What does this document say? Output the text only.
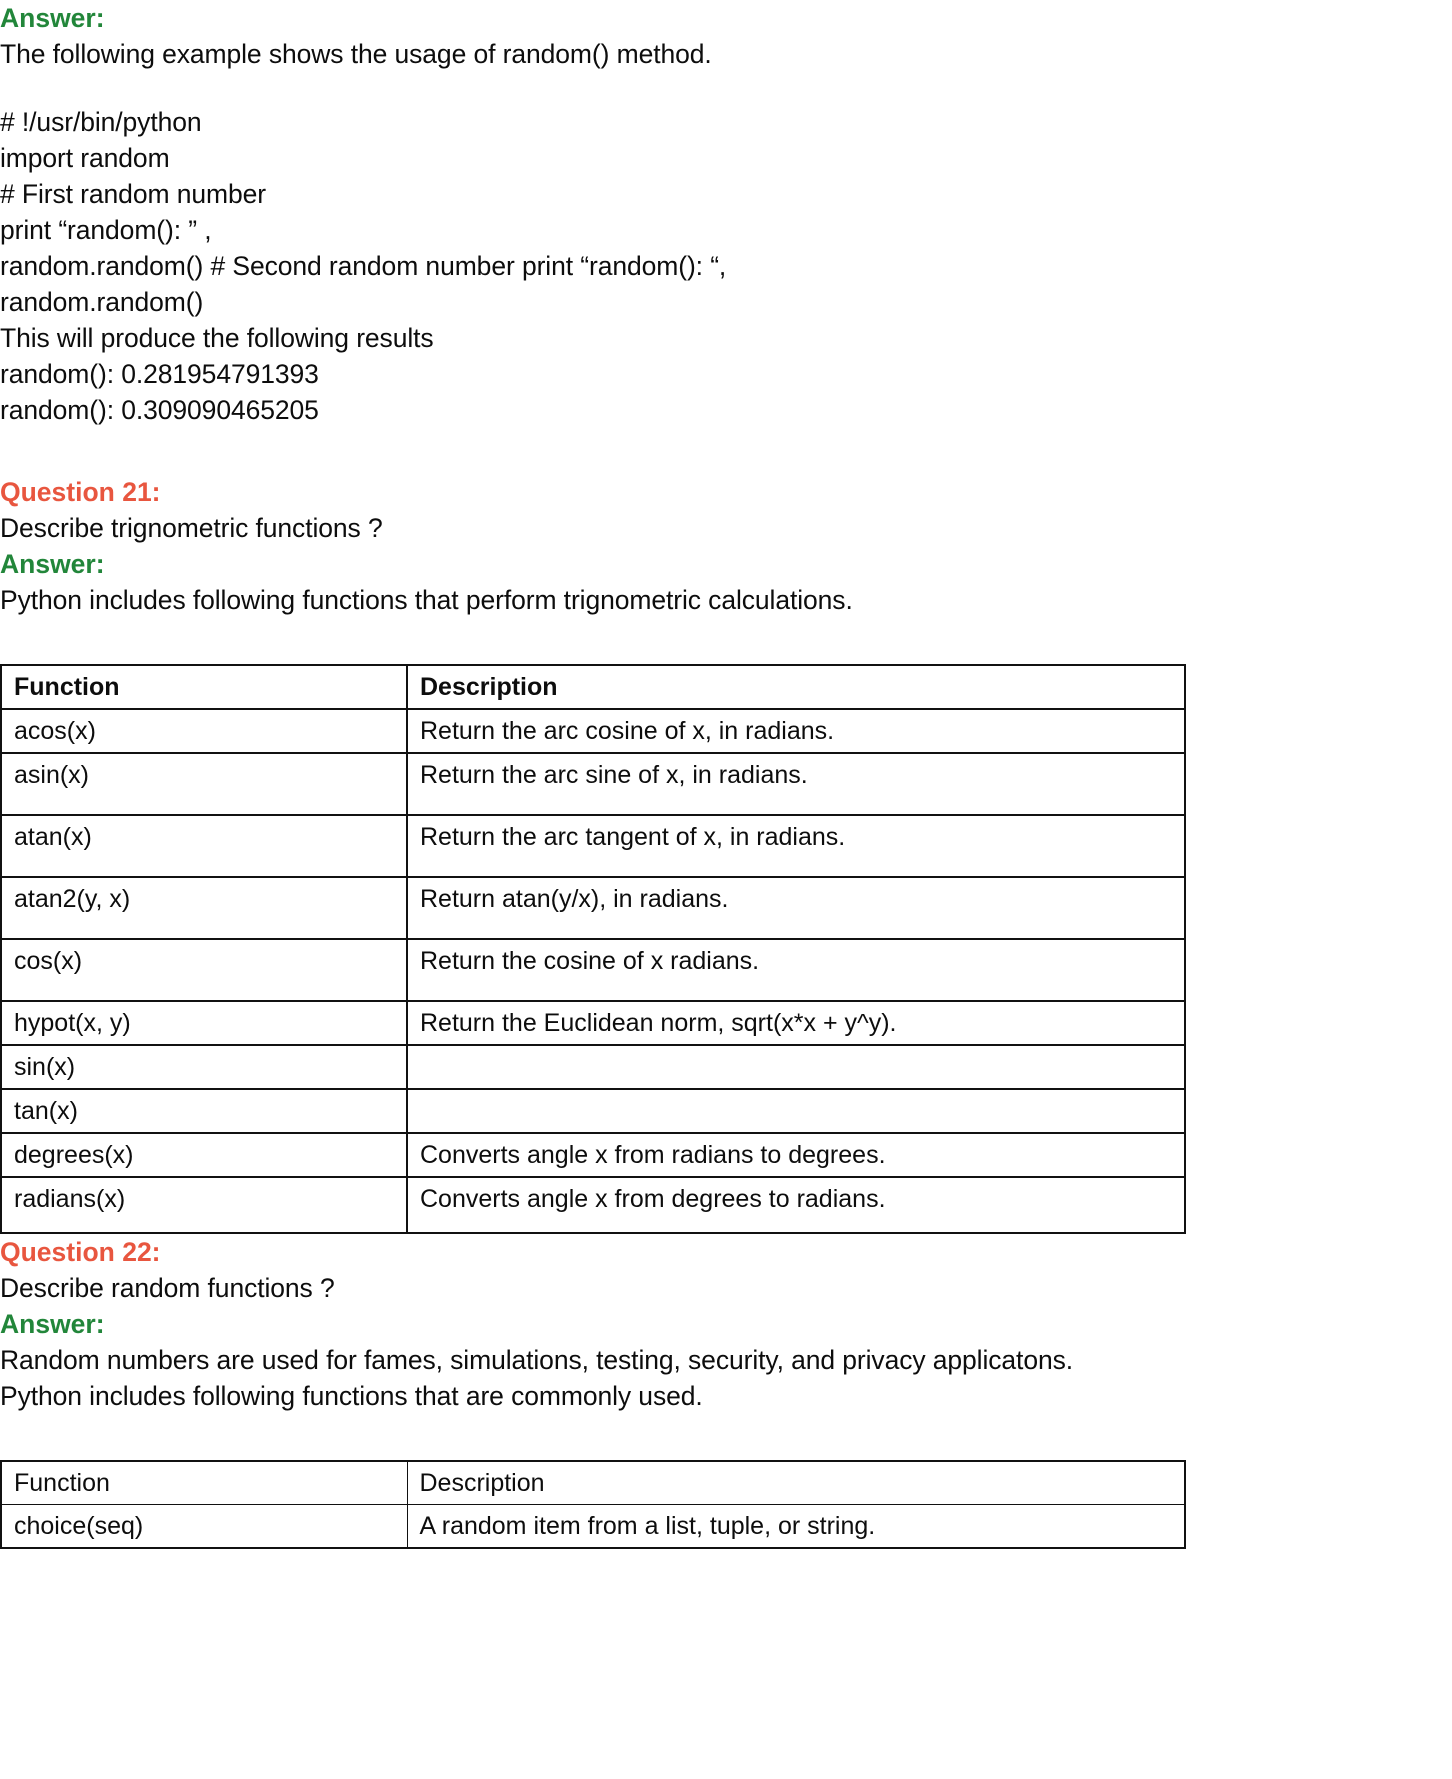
Answer:
The following example shows the usage of random() method.
# !/usr/bin/python
import random
# First random number
print “random(): ” ,
random.random() # Second random number print “random(): “,
random.random()
This will produce the following results
random(): 0.281954791393
random(): 0.309090465205
Question 21:
Describe trignometric functions ?
Answer:
Python includes following functions that perform trignometric calculations.
Function	Description
acos(x)	Return the arc cosine of x, in radians.
asin(x)	Return the arc sine of x, in radians.
atan(x)	Return the arc tangent of x, in radians.
atan2(y, x)	Return atan(y/x), in radians.
cos(x)	Return the cosine of x radians.
hypot(x, y)	Return the Euclidean norm, sqrt(x*x + y^y).
sin(x)	
tan(x)	
degrees(x)	Converts angle x from radians to degrees.
radians(x)	Converts angle x from degrees to radians.
Question 22:
Describe random functions ?
Answer:
Random numbers are used for fames, simulations, testing, security, and privacy applicatons.
Python includes following functions that are commonly used.
Function	Description
choice(seq)	A random item from a list, tuple, or string.
